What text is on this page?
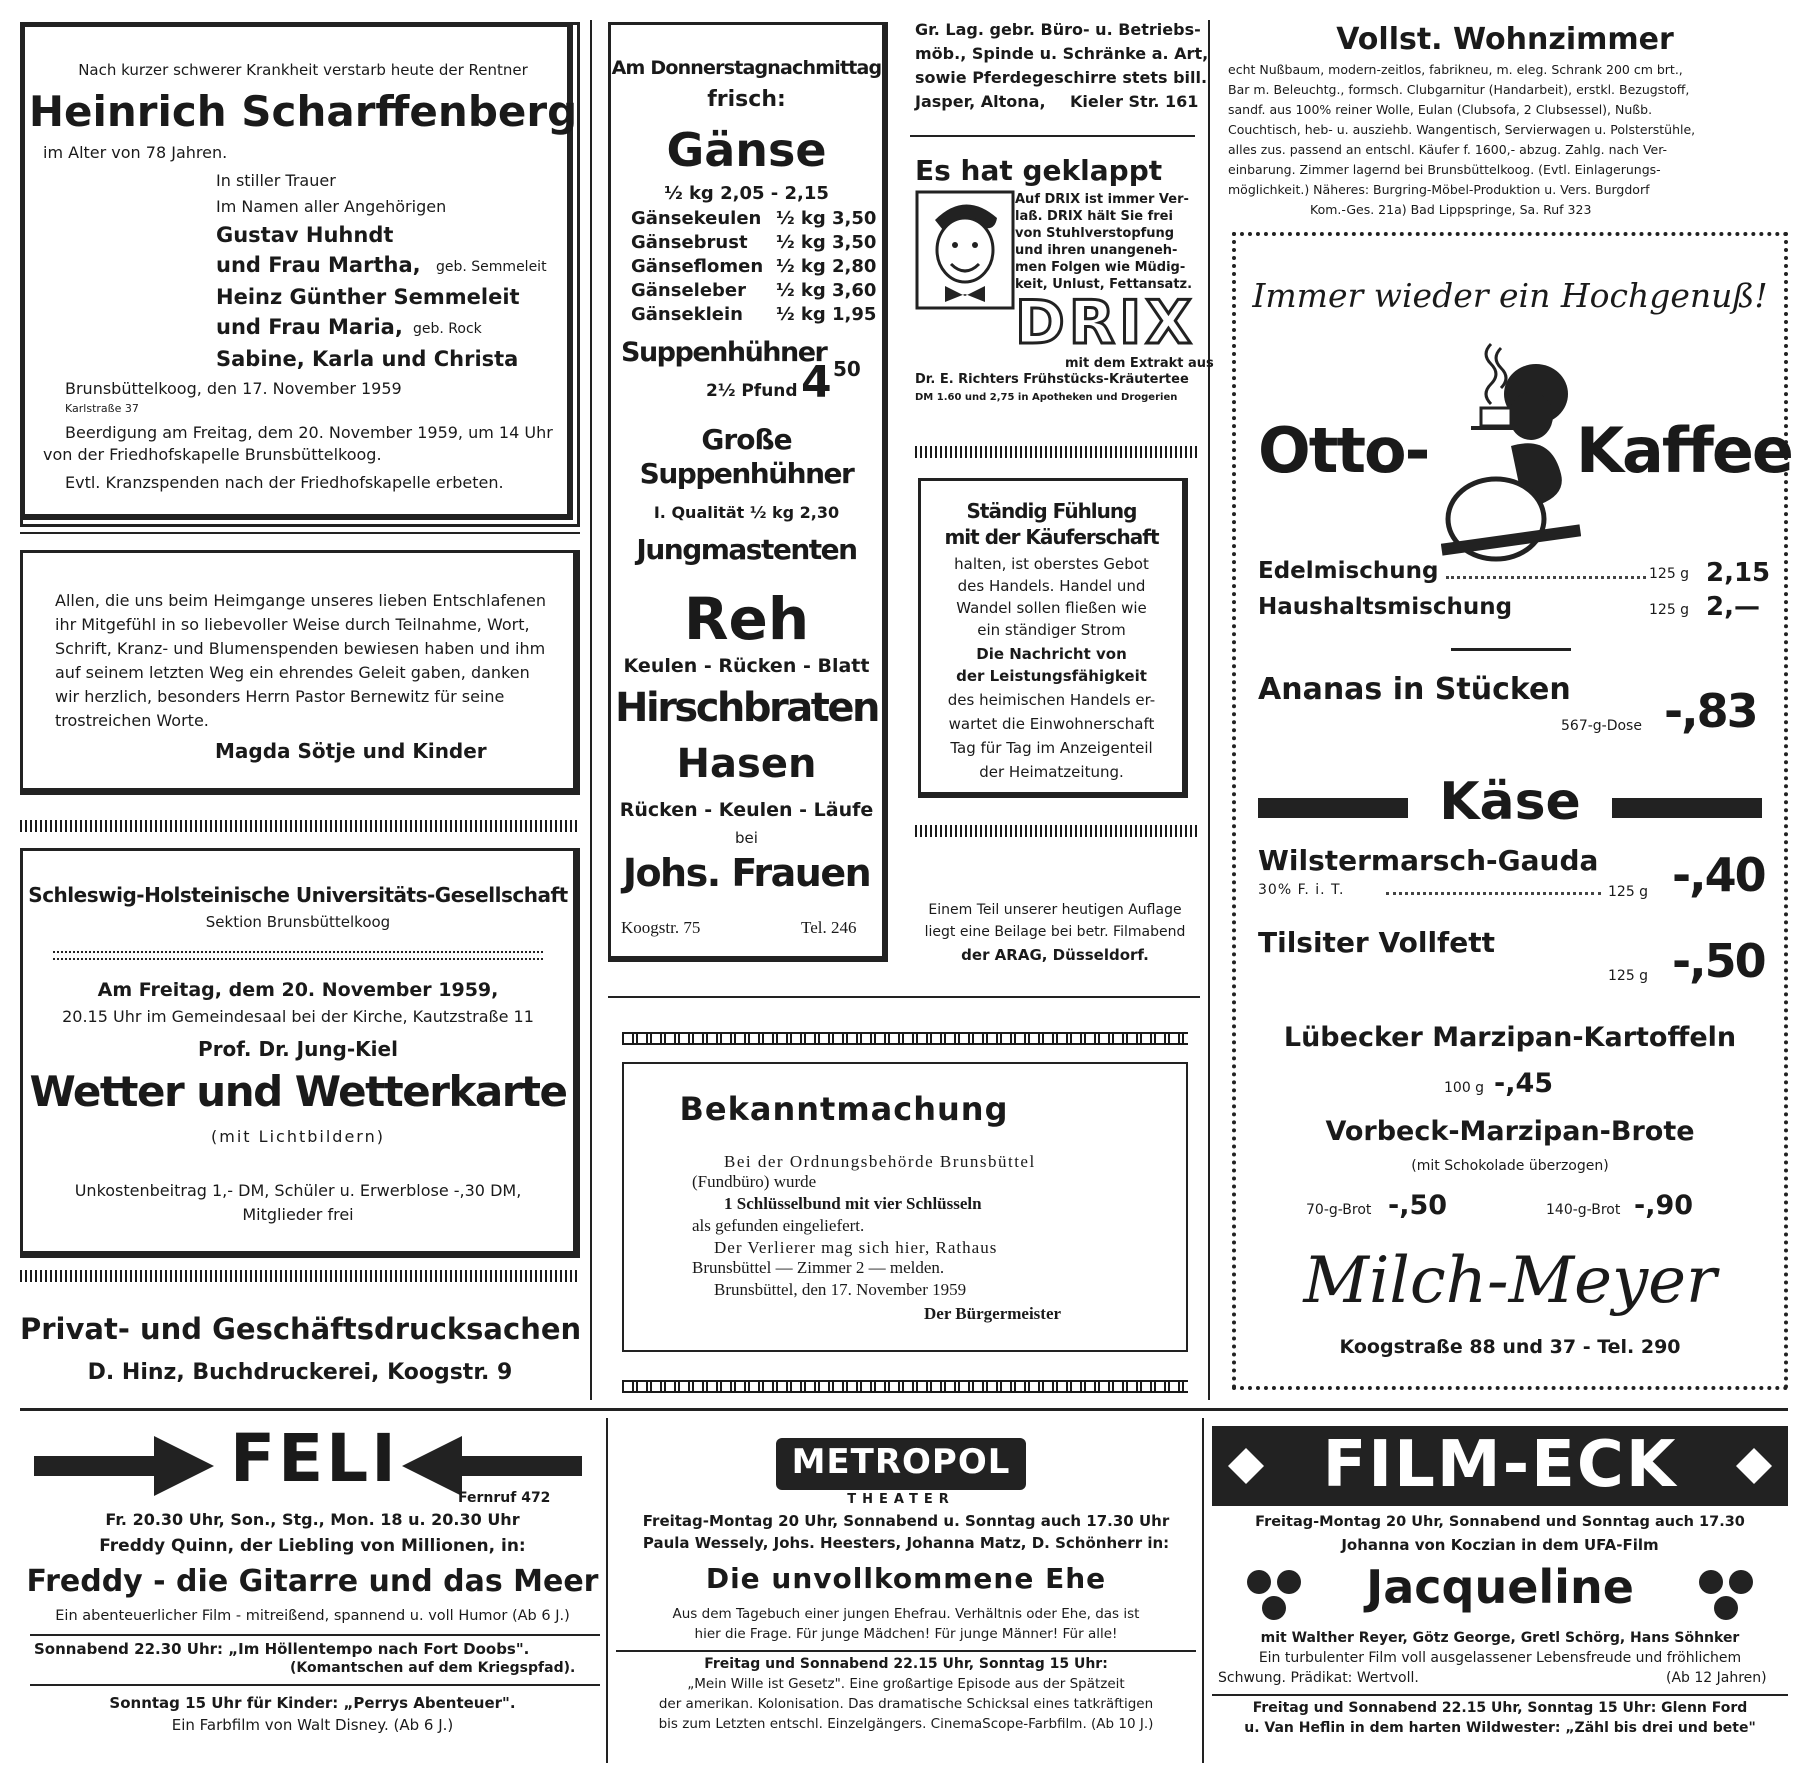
Nach kurzer schwerer Krankheit verstarb heute der Rentner
Heinrich Scharffenberg
im Alter von 78 Jahren.
In stiller Trauer
Im Namen aller Angehörigen
Gustav Huhndt
und Frau Martha, geb. Semmeleit
Heinz Günther Semmeleit
und Frau Maria, geb. Rock
Sabine, Karla und Christa
Brunsbüttelkoog, den 17. November 1959
Karlstraße 37
Beerdigung am Freitag, dem 20. November 1959, um 14 Uhr
von der Friedhofskapelle Brunsbüttelkoog.
Evtl. Kranzspenden nach der Friedhofskapelle erbeten.
Allen, die uns beim Heimgange unseres lieben Entschlafenen
ihr Mitgefühl in so liebevoller Weise durch Teilnahme, Wort,
Schrift, Kranz- und Blumenspenden bewiesen haben und ihm
auf seinem letzten Weg ein ehrendes Geleit gaben, danken
wir herzlich, besonders Herrn Pastor Bernewitz für seine
trostreichen Worte.
Magda Sötje und Kinder
Schleswig-Holsteinische Universitäts-Gesellschaft
Sektion Brunsbüttelkoog
Am Freitag, dem 20. November 1959,
20.15 Uhr im Gemeindesaal bei der Kirche, Kautzstraße 11
Prof. Dr. Jung-Kiel
Wetter und Wetterkarte
(mit Lichtbildern)
Unkostenbeitrag 1,- DM, Schüler u. Erwerblose -,30 DM,
Mitglieder frei
Privat- und Geschäftsdrucksachen
D. Hinz, Buchdruckerei, Koogstr. 9
Am Donnerstagnachmittag
frisch:
Gänse
½ kg 2,05 - 2,15
Gänsekeulen ½ kg 3,50
Gänsebrust ½ kg 3,50
Gänseflomen ½ kg 2,80
Gänseleber ½ kg 3,60
Gänseklein ½ kg 1,95
Suppenhühner
2½ Pfund 4 50
Große
Suppenhühner
I. Qualität ½ kg 2,30
Jungmastenten
Reh
Keulen - Rücken - Blatt
Hirschbraten
Hasen
Rücken - Keulen - Läufe
bei
Johs. Frauen
Koogstr. 75	Tel. 246
Gr. Lag. gebr. Büro- u. Betriebs-
möb., Spinde u. Schränke a. Art,
sowie Pferdegeschirre stets bill.
Jasper, Altona, Kieler Str. 161
Es hat geklappt
Auf DRIX ist immer Ver-
laß. DRIX hält Sie frei
von Stuhlverstopfung
und ihren unangeneh-
men Folgen wie Müdig-
keit, Unlust, Fettansatz.
DRIX
mit dem Extrakt aus
Dr. E. Richters Frühstücks-Kräutertee
DM 1.60 und 2,75 in Apotheken und Drogerien
Ständig Fühlung
mit der Käuferschaft
halten, ist oberstes Gebot
des Handels. Handel und
Wandel sollen fließen wie
ein ständiger Strom
Die Nachricht von
der Leistungsfähigkeit
des heimischen Handels er-
wartet die Einwohnerschaft
Tag für Tag im Anzeigenteil
der Heimatzeitung.
Einem Teil unserer heutigen Auflage
liegt eine Beilage bei betr. Filmabend
der ARAG, Düsseldorf.
Bekanntmachung
Bei der Ordnungsbehörde Brunsbüttel
(Fundbüro) wurde
1 Schlüsselbund mit vier Schlüsseln
als gefunden eingeliefert.
Der Verlierer mag sich hier, Rathaus
Brunsbüttel — Zimmer 2 — melden.
Brunsbüttel, den 17. November 1959
Der Bürgermeister
Vollst. Wohnzimmer
echt Nußbaum, modern-zeitlos, fabrikneu, m. eleg. Schrank 200 cm brt.,
Bar m. Beleuchtg., formsch. Clubgarnitur (Handarbeit), erstkl. Bezugstoff,
sandf. aus 100% reiner Wolle, Eulan (Clubsofa, 2 Clubsessel), Nußb.
Couchtisch, heb- u. ausziehb. Wangentisch, Servierwagen u. Polsterstühle,
alles zus. passend an entschl. Käufer f. 1600,- abzug. Zahlg. nach Ver-
einbarung. Zimmer lagernd bei Brunsbüttelkoog. (Evtl. Einlagerungs-
möglichkeit.) Näheres: Burgring-Möbel-Produktion u. Vers. Burgdorf
Kom.-Ges. 21a) Bad Lippspringe, Sa. Ruf 323
Immer wieder ein Hochgenuß!
Otto- Kaffee
Edelmischung	125 g 2,15
Haushaltsmischung	125 g 2,—
Ananas in Stücken
567-g-Dose -,83
Käse
Wilstermarsch-Gauda
30% F. i. T.	125 g -,40
Tilsiter Vollfett
125 g -,50
Lübecker Marzipan-Kartoffeln
100 g -,45
Vorbeck-Marzipan-Brote
(mit Schokolade überzogen)
70-g-Brot -,50	140-g-Brot -,90
Milch-Meyer
Koogstraße 88 und 37 - Tel. 290
FELI
Fernruf 472
Fr. 20.30 Uhr, Son., Stg., Mon. 18 u. 20.30 Uhr
Freddy Quinn, der Liebling von Millionen, in:
Freddy - die Gitarre und das Meer
Ein abenteuerlicher Film - mitreißend, spannend u. voll Humor (Ab 6 J.)
Sonnabend 22.30 Uhr: „Im Höllentempo nach Fort Doobs".
(Komantschen auf dem Kriegspfad).
Sonntag 15 Uhr für Kinder: „Perrys Abenteuer".
Ein Farbfilm von Walt Disney. (Ab 6 J.)
METROPOL
THEATER
Freitag-Montag 20 Uhr, Sonnabend u. Sonntag auch 17.30 Uhr
Paula Wessely, Johs. Heesters, Johanna Matz, D. Schönherr in:
Die unvollkommene Ehe
Aus dem Tagebuch einer jungen Ehefrau. Verhältnis oder Ehe, das ist
hier die Frage. Für junge Mädchen! Für junge Männer! Für alle!
Freitag und Sonnabend 22.15 Uhr, Sonntag 15 Uhr:
„Mein Wille ist Gesetz". Eine großartige Episode aus der Spätzeit
der amerikan. Kolonisation. Das dramatische Schicksal eines tatkräftigen
bis zum Letzten entschl. Einzelgängers. CinemaScope-Farbfilm. (Ab 10 J.)
FILM-ECK
Freitag-Montag 20 Uhr, Sonnabend und Sonntag auch 17.30
Johanna von Koczian in dem UFA-Film
Jacqueline
mit Walther Reyer, Götz George, Gretl Schörg, Hans Söhnker
Ein turbulenter Film voll ausgelassener Lebensfreude und fröhlichem
Schwung. Prädikat: Wertvoll.	(Ab 12 Jahren)
Freitag und Sonnabend 22.15 Uhr, Sonntag 15 Uhr: Glenn Ford
u. Van Heflin in dem harten Wildwester: „Zähl bis drei und bete"
